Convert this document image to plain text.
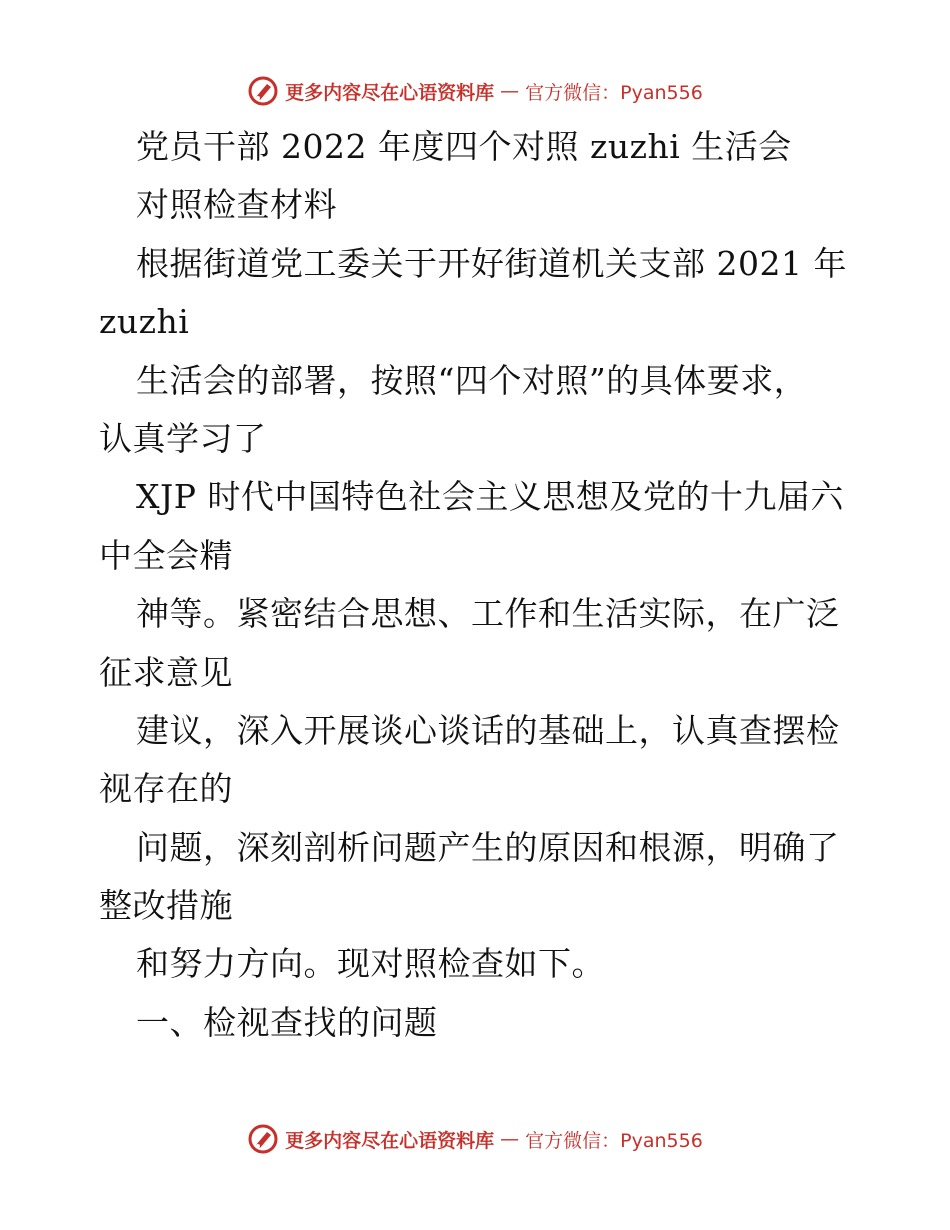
更多内容尽在心语资料库 — 官方微信：Pyan556
党员干部 2022 年度四个对照 zuzhi 生活会
对照检查材料
根据街道党工委关于开好街道机关支部 2021 年
zuzhi
生活会的部署，按照“四个对照”的具体要求，
认真学习了
XJP 时代中国特色社会主义思想及党的十九届六
中全会精
神等。紧密结合思想、工作和生活实际，在广泛
征求意见
建议，深入开展谈心谈话的基础上，认真查摆检
视存在的
问题，深刻剖析问题产生的原因和根源，明确了
整改措施
和努力方向。现对照检查如下。
一、检视查找的问题
更多内容尽在心语资料库 — 官方微信：Pyan556
